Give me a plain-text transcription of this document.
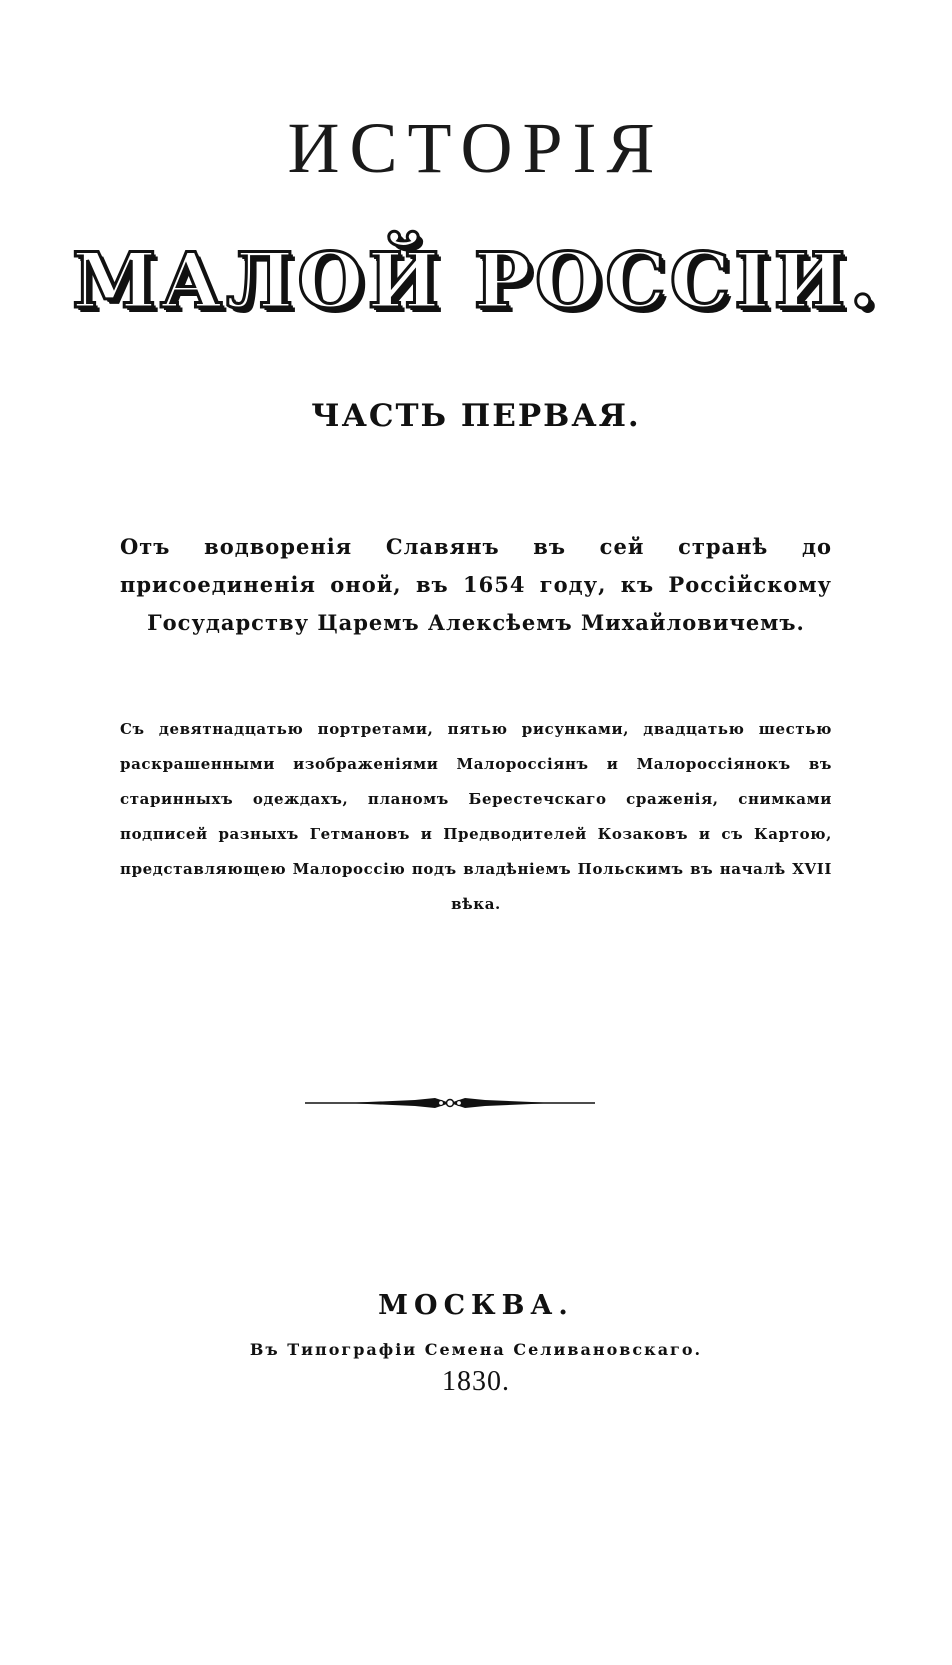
ИСТОРІЯ
МАЛОЙ РОССІИ.
ЧАСТЬ ПЕРВАЯ.
Отъ водворенія Славянъ въ сей странѣ до присоединенія оной, въ 1654 году, къ Россійскому Государству Царемъ Алексѣемъ Михайловичемъ.
Съ девятнадцатью портретами, пятью рисунками, двадцатью шестью раскрашенными изображеніями Малороссіянъ и Малороссіянокъ въ старинныхъ одеждахъ, планомъ Берестечскаго сраженія, снимками подписей разныхъ Гетмановъ и Предводителей Козаковъ и съ Картою, представляющею Малороссію подъ владѣніемъ Польскимъ въ началѣ XVII вѣка.
МОСКВА.
Въ Типографіи Семена Селивановскаго.
1830.
